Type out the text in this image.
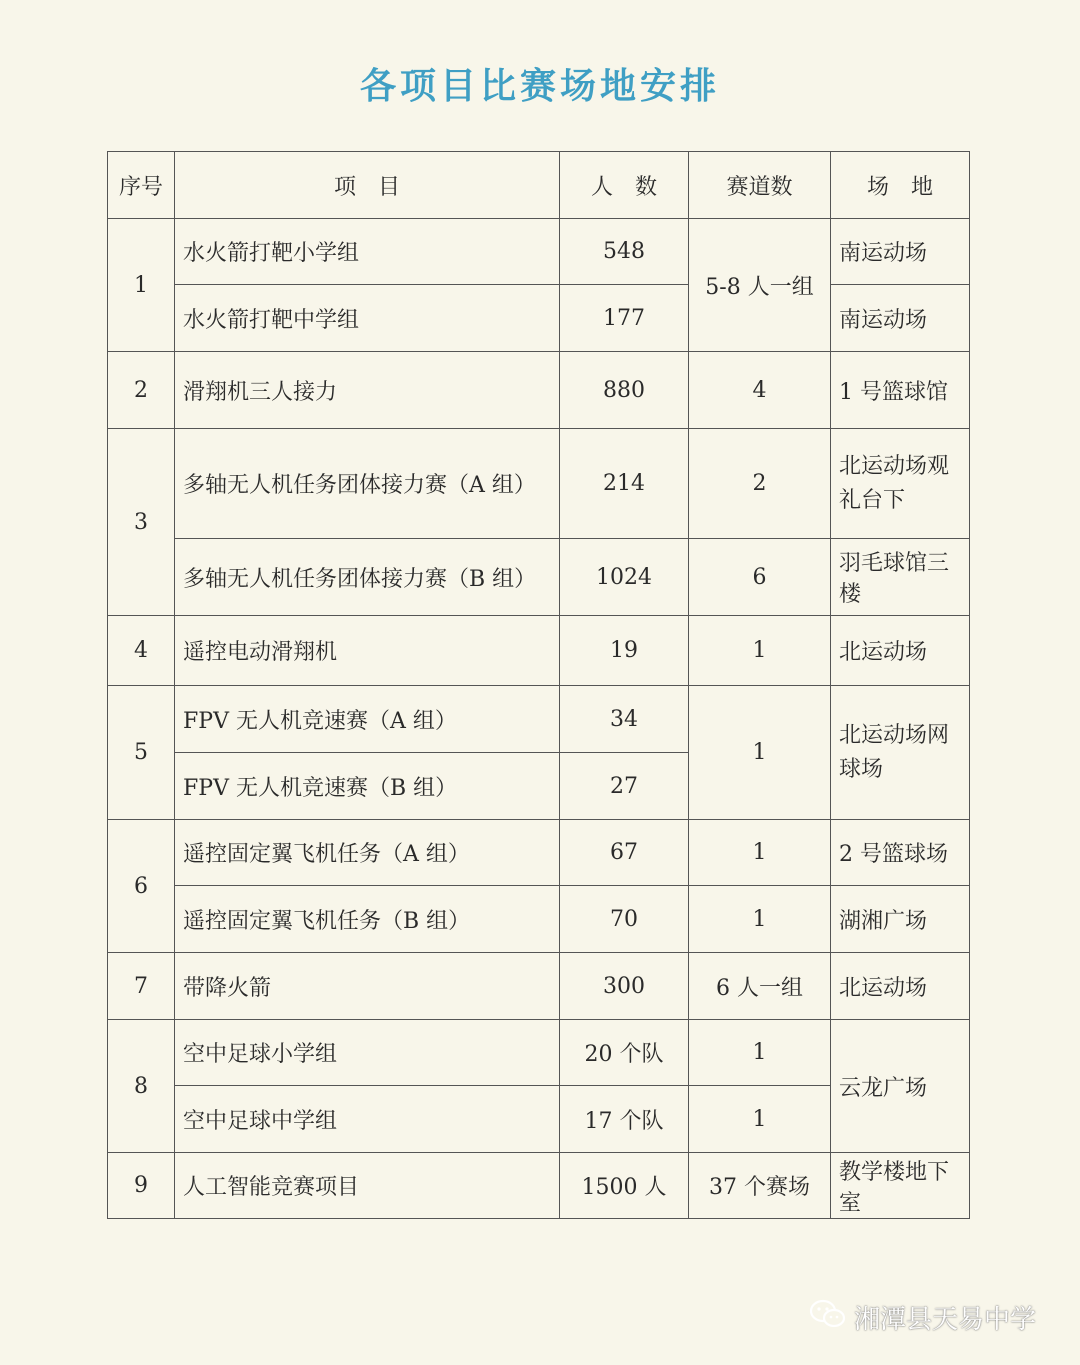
各项目比赛场地安排
序号	项　目	人　数	赛道数	场　地
1	水火箭打靶小学组	548	5-8 人一组	南运动场
	水火箭打靶中学组	177		南运动场
2	滑翔机三人接力	880	4	1 号篮球馆
3	多轴无人机任务团体接力赛（A 组）	214	2	北运动场观礼台下
	多轴无人机任务团体接力赛（B 组）	1024	6	羽毛球馆三楼
4	遥控电动滑翔机	19	1	北运动场
5	FPV 无人机竞速赛（A 组）	34	1	北运动场网球场
	FPV 无人机竞速赛（B 组）	27		
6	遥控固定翼飞机任务（A 组）	67	1	2 号篮球场
	遥控固定翼飞机任务（B 组）	70	1	湖湘广场
7	带降火箭	300	6 人一组	北运动场
8	空中足球小学组	20 个队	1	云龙广场
	空中足球中学组	17 个队	1	
9	人工智能竞赛项目	1500 人	37 个赛场	教学楼地下室
湘潭县天易中学
